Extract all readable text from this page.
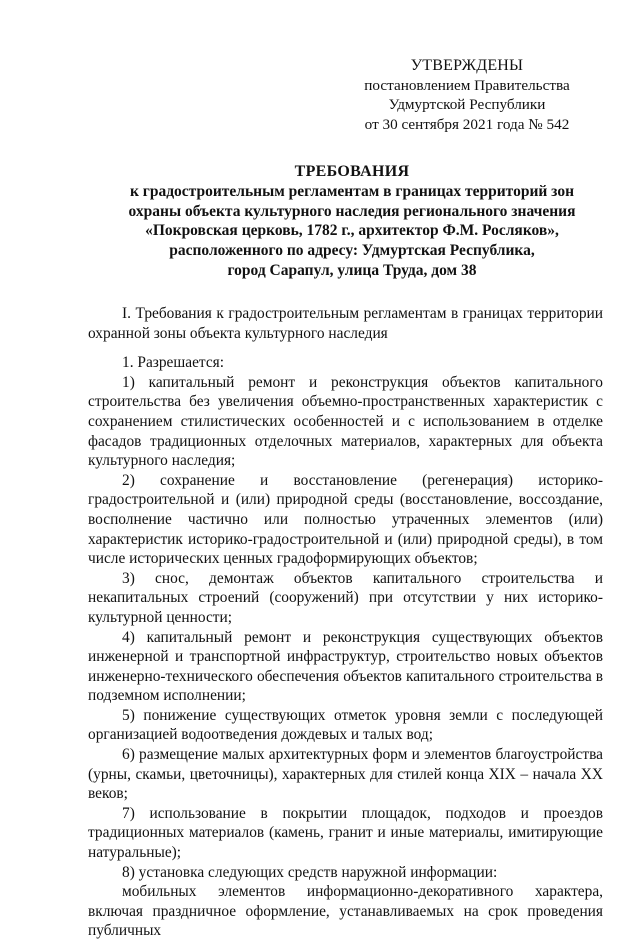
УТВЕРЖДЕНЫ
постановлением Правительства
Удмуртской Республики
от 30 сентября 2021 года № 542
ТРЕБОВАНИЯ
к градостроительным регламентам в границах территорий зон
охраны объекта культурного наследия регионального значения
«Покровская церковь, 1782 г., архитектор Ф.М. Росляков»,
расположенного по адресу: Удмуртская Республика,
город Сарапул, улица Труда, дом 38

I. Требования к градостроительным регламентам в границах территории охранной зоны объекта культурного наследия

1. Разрешается:

1) капитальный ремонт и реконструкция объектов капитального строительства без увеличения объемно-пространственных характеристик с сохранением стилистических особенностей и с использованием в отделке фасадов традиционных отделочных материалов, характерных для объекта культурного наследия;

2) сохранение и восстановление (регенерация) историко-градостроительной и (или) природной среды (восстановление, воссоздание, восполнение частично или полностью утраченных элементов (или) характеристик историко-градостроительной и (или) природной среды), в том числе исторических ценных градоформирующих объектов;

3) снос, демонтаж объектов капитального строительства и некапитальных строений (сооружений) при отсутствии у них историко-культурной ценности;

4) капитальный ремонт и реконструкция существующих объектов инженерной и транспортной инфраструктур, строительство новых объектов инженерно-технического обеспечения объектов капитального строительства в подземном исполнении;

5) понижение существующих отметок уровня земли с последующей организацией водоотведения дождевых и талых вод;

6) размещение малых архитектурных форм и элементов благоустройства (урны, скамьи, цветочницы), характерных для стилей конца XIX – начала XX веков;

7) использование в покрытии площадок, подходов и проездов традиционных материалов (камень, гранит и иные материалы, имитирующие натуральные);

8) установка следующих средств наружной информации:

мобильных элементов информационно-декоративного характера, включая праздничное оформление, устанавливаемых на срок проведения публичных
